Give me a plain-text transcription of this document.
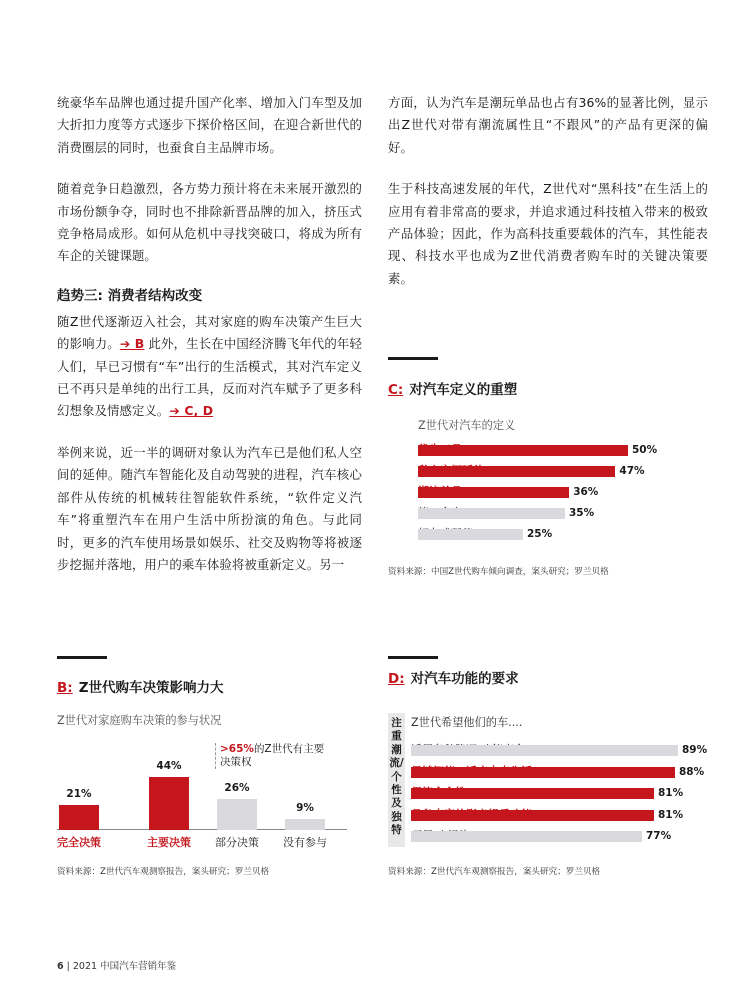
统豪华车品牌也通过提升国产化率、增加入门车型及加大折扣力度等方式逐步下探价格区间，在迎合新世代的消费圈层的同时，也蚕食自主品牌市场。

随着竞争日趋激烈，各方势力预计将在未来展开激烈的市场份额争夺，同时也不排除新晋品牌的加入，挤压式竞争格局成形。如何从危机中寻找突破口，将成为所有车企的关键课题。

趋势三: 消费者结构改变

随Z世代逐渐迈入社会，其对家庭的购车决策产生巨大的影响力。➔ B 此外，生长在中国经济腾飞年代的年轻人们，早已习惯有“车”出行的生活模式，其对汽车定义已不再只是单纯的出行工具，反而对汽车赋予了更多科幻想象及情感定义。➔ C, D

举例来说，近一半的调研对象认为汽车已是他们私人空间的延伸。随汽车智能化及自动驾驶的进程，汽车核心部件从传统的机械转往智能软件系统，“软件定义汽车”将重塑汽车在用户生活中所扮演的角色。与此同时，更多的汽车使用场景如娱乐、社交及购物等将被逐步挖掘并落地，用户的乘车体验将被重新定义。另一

方面，认为汽车是潮玩单品也占有36%的显著比例，显示出Z世代对带有潮流属性且“不跟风”的产品有更深的偏好。

生于科技高速发展的年代，Z世代对“黑科技”在生活上的应用有着非常高的要求，并追求通过科技植入带来的极致产品体验；因此，作为高科技重要载体的汽车，其性能表现、科技水平也成为Z世代消费者购车时的关键决策要素。

C: 对汽车定义的重塑
Z世代对汽车的定义
50%
47%
36%
35%
25%
资料来源：中国Z世代购车倾向调查，案头研究；罗兰贝格
B: Z世代购车决策影响力大
Z世代对家庭购车决策的参与状况
>65%的Z世代有主要决策权
21%
完全决策
44%
主要决策
26%
部分决策
9%
没有参与
资料来源：Z世代汽车观测察报告，案头研究；罗兰贝格
D: 对汽车功能的要求
注重潮流/个性及独特
Z世代希望他们的车....
89%
88%
81%
81%
77%
资料来源：Z世代汽车观测察报告，案头研究；罗兰贝格
6 | 2021 中国汽车营销年鉴
